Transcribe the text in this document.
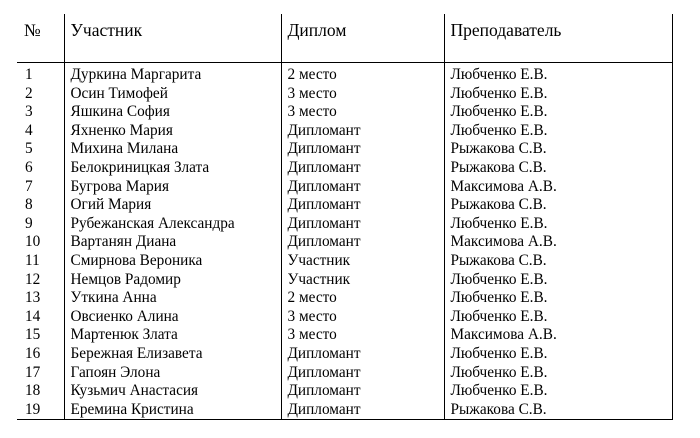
№	Участник	Диплом	Преподаватель

1	Дуркина Маргарита	2 место	Любченко Е.В.
2	Осин Тимофей	3 место	Любченко Е.В.
3	Яшкина София	3 место	Любченко Е.В.
4	Яхненко Мария	Дипломант	Любченко Е.В.
5	Михина Милана	Дипломант	Рыжакова С.В.
6	Белокриницкая Злата	Дипломант	Рыжакова С.В.
7	Бугрова Мария	Дипломант	Максимова А.В.
8	Огий Мария	Дипломант	Рыжакова С.В.
9	Рубежанская Александра	Дипломант	Любченко Е.В.
10	Вартанян Диана	Дипломант	Максимова А.В.
11	Смирнова Вероника	Участник	Рыжакова С.В.
12	Немцов Радомир	Участник	Любченко Е.В.
13	Уткина Анна	2 место	Любченко Е.В.
14	Овсиенко Алина	3 место	Любченко Е.В.
15	Мартенюк Злата	3 место	Максимова А.В.
16	Бережная Елизавета	Дипломант	Любченко Е.В.
17	Гапоян Элона	Дипломант	Любченко Е.В.
18	Кузьмич Анастасия	Дипломант	Любченко Е.В.
19	Еремина Кристина	Дипломант	Рыжакова С.В.
